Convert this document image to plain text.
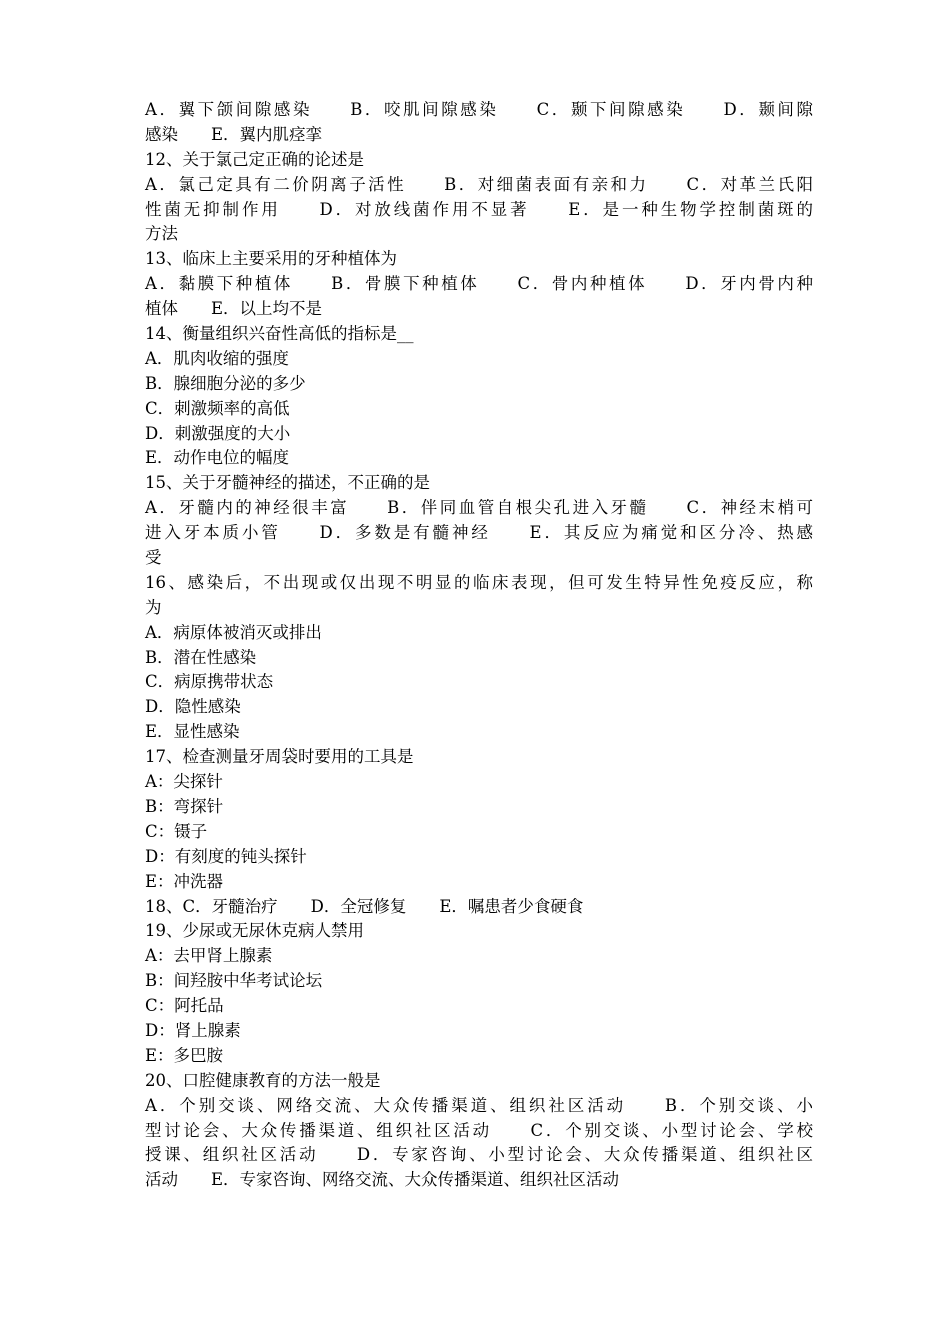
A．翼下颌间隙感染　　B．咬肌间隙感染　　C．颞下间隙感染　　D．颞间隙
感染　　E．翼内肌痉挛
12、关于氯己定正确的论述是
A．氯己定具有二价阴离子活性　　B．对细菌表面有亲和力　　C．对革兰氏阳
性菌无抑制作用　　D．对放线菌作用不显著　　E．是一种生物学控制菌斑的
方法
13、临床上主要采用的牙种植体为
A．黏膜下种植体　　B．骨膜下种植体　　C．骨内种植体　　D．牙内骨内种
植体　　E．以上均不是
14、衡量组织兴奋性高低的指标是__
A．肌肉收缩的强度
B．腺细胞分泌的多少
C．刺激频率的高低
D．刺激强度的大小
E．动作电位的幅度
15、关于牙髓神经的描述，不正确的是
A．牙髓内的神经很丰富　　B．伴同血管自根尖孔进入牙髓　　C．神经末梢可
进入牙本质小管　　D．多数是有髓神经　　E．其反应为痛觉和区分冷、热感
受
16、感染后，不出现或仅出现不明显的临床表现，但可发生特异性免疫反应，称
为
A．病原体被消灭或排出
B．潜在性感染
C．病原携带状态
D．隐性感染
E．显性感染
17、检查测量牙周袋时要用的工具是
A：尖探针
B：弯探针
C：镊子
D：有刻度的钝头探针
E：冲洗器
18、C．牙髓治疗　　D．全冠修复　　E．嘱患者少食硬食
19、少尿或无尿休克病人禁用
A：去甲肾上腺素
B：间羟胺中华考试论坛
C：阿托品
D：肾上腺素
E：多巴胺
20、口腔健康教育的方法一般是
A．个别交谈、网络交流、大众传播渠道、组织社区活动　　B．个别交谈、小
型讨论会、大众传播渠道、组织社区活动　　C．个别交谈、小型讨论会、学校
授课、组织社区活动　　D．专家咨询、小型讨论会、大众传播渠道、组织社区
活动　　E．专家咨询、网络交流、大众传播渠道、组织社区活动
